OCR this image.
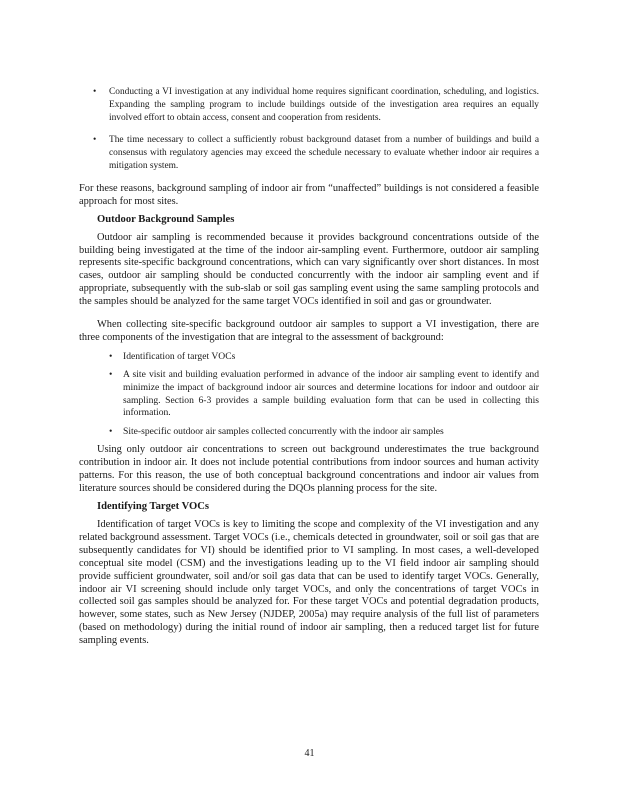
• Conducting a VI investigation at any individual home requires significant coordination, scheduling, and logistics. Expanding the sampling program to include buildings outside of the investigation area requires an equally involved effort to obtain access, consent and cooperation from residents.
• The time necessary to collect a sufficiently robust background dataset from a number of buildings and build a consensus with regulatory agencies may exceed the schedule necessary to evaluate whether indoor air requires a mitigation system.

For these reasons, background sampling of indoor air from “unaffected” buildings is not considered a feasible approach for most sites.

Outdoor Background Samples

Outdoor air sampling is recommended because it provides background concentrations outside of the building being investigated at the time of the indoor air-sampling event. Furthermore, outdoor air sampling represents site-specific background concentrations, which can vary significantly over short distances. In most cases, outdoor air sampling should be conducted concurrently with the indoor air sampling event and if appropriate, subsequently with the sub-slab or soil gas sampling event using the same sampling protocols and the samples should be analyzed for the same target VOCs identified in soil and gas or groundwater.

When collecting site-specific background outdoor air samples to support a VI investigation, there are three components of the investigation that are integral to the assessment of background:

• Identification of target VOCs
• A site visit and building evaluation performed in advance of the indoor air sampling event to identify and minimize the impact of background indoor air sources and determine locations for indoor and outdoor air sampling. Section 6-3 provides a sample building evaluation form that can be used in collecting this information.
• Site-specific outdoor air samples collected concurrently with the indoor air samples

Using only outdoor air concentrations to screen out background underestimates the true background contribution in indoor air. It does not include potential contributions from indoor sources and human activity patterns. For this reason, the use of both conceptual background concentrations and indoor air values from literature sources should be considered during the DQOs planning process for the site.

Identifying Target VOCs

Identification of target VOCs is key to limiting the scope and complexity of the VI investigation and any related background assessment. Target VOCs (i.e., chemicals detected in groundwater, soil or soil gas that are subsequently candidates for VI) should be identified prior to VI sampling. In most cases, a well-developed conceptual site model (CSM) and the investigations leading up to the VI field indoor air sampling should provide sufficient groundwater, soil and/or soil gas data that can be used to identify target VOCs. Generally, indoor air VI screening should include only target VOCs, and only the concentrations of target VOCs in collected soil gas samples should be analyzed for. For these target VOCs and potential degradation products, however, some states, such as New Jersey (NJDEP, 2005a) may require analysis of the full list of parameters (based on methodology) during the initial round of indoor air sampling, then a reduced target list for future sampling events.

41
